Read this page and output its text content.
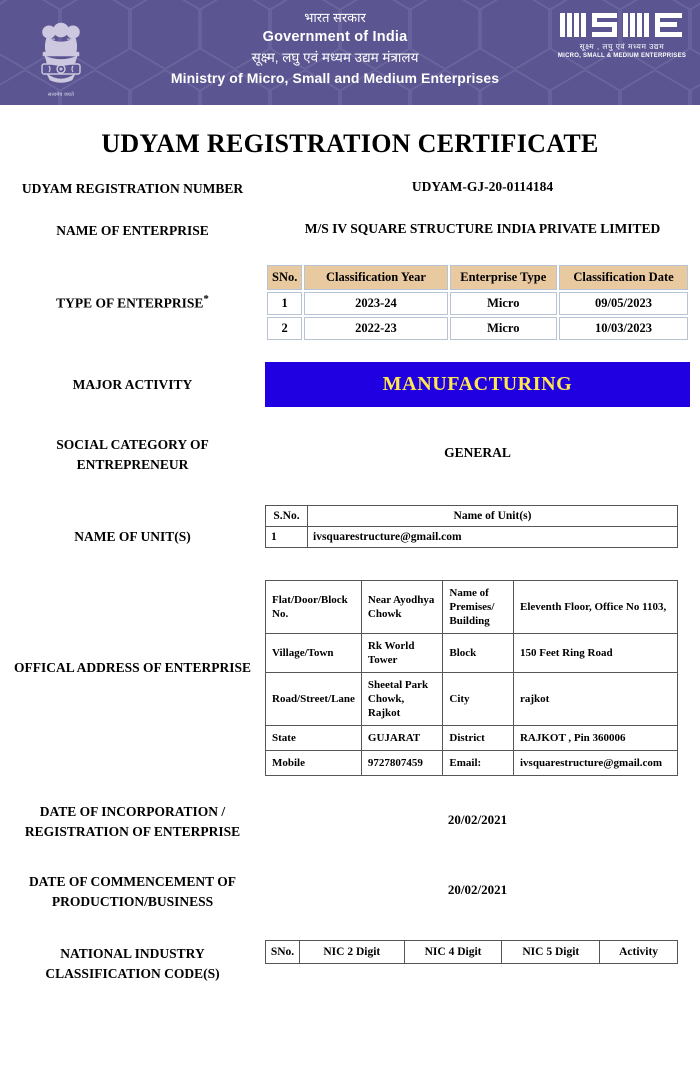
सत्यमेव जयते
भारत सरकार
Government of India
सूक्ष्म, लघु एवं मध्यम उद्यम मंत्रालय
Ministry of Micro, Small and Medium Enterprises
सूक्ष्म , लघु एवं मध्यम उद्यम
MICRO, SMALL & MEDIUM ENTERPRISES
UDYAM REGISTRATION CERTIFICATE
UDYAM REGISTRATION NUMBER	UDYAM-GJ-20-0114184
NAME OF ENTERPRISE	M/S IV SQUARE STRUCTURE INDIA PRIVATE LIMITED
TYPE OF ENTERPRISE*
SNo.	Classification Year	Enterprise Type	Classification Date
1	2023-24	Micro	09/05/2023
2	2022-23	Micro	10/03/2023
MAJOR ACTIVITY	MANUFACTURING
SOCIAL CATEGORY OF
ENTREPRENEUR
GENERAL
NAME OF UNIT(S)
S.No.	Name of Unit(s)
1	ivsquarestructure@gmail.com
OFFICAL ADDRESS OF ENTERPRISE
Flat/Door/Block No.	Near Ayodhya Chowk	Name of Premises/ Building	Eleventh Floor, Office No 1103,
Village/Town	Rk World Tower	Block	150 Feet Ring Road
Road/Street/Lane	Sheetal Park Chowk, Rajkot	City	rajkot
State	GUJARAT	District	RAJKOT , Pin 360006
Mobile	9727807459	Email:	ivsquarestructure@gmail.com
DATE OF INCORPORATION /
REGISTRATION OF ENTERPRISE
20/02/2021
DATE OF COMMENCEMENT OF
PRODUCTION/BUSINESS
20/02/2021
NATIONAL INDUSTRY
CLASSIFICATION CODE(S)
SNo.	NIC 2 Digit	NIC 4 Digit	NIC 5 Digit	Activity
